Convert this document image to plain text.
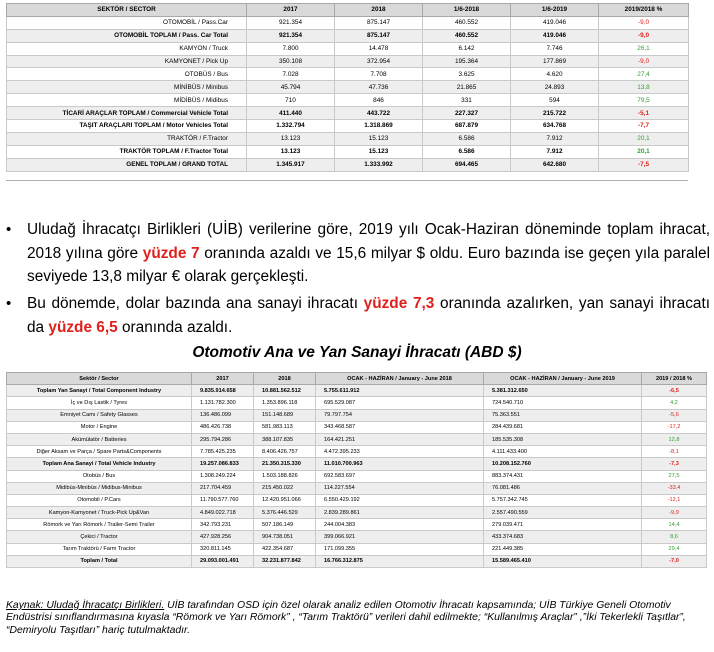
SEKTÖR / SECTOR	2017	2018	1/6-2018	1/6-2019	2019/2018 %
OTOMOBİL / Pass.Car	921.354	875.147	460.552	419.046	-9,0
OTOMOBİL TOPLAM / Pass. Car Total	921.354	875.147	460.552	419.046	-9,0
KAMYON / Truck	7.800	14.478	6.142	7.746	26,1
KAMYONET / Pick Up	350.108	372.954	195.364	177.869	-9,0
OTOBÜS / Bus	7.028	7.708	3.625	4.620	27,4
MİNİBÜS / Minibus	45.794	47.736	21.865	24.893	13,8
MİDİBÜS / Midibus	710	846	331	594	79,5
TİCARİ ARAÇLAR TOPLAM / Commercial Vehicle Total	411.440	443.722	227.327	215.722	-5,1
TAŞIT ARAÇLARI TOPLAM / Motor Vehicles Total	1.332.794	1.318.869	687.879	634.768	-7,7
TRAKTÖR / F.Tractor	13.123	15.123	6.586	7.912	20,1
TRAKTÖR TOPLAM / F.Tractor Total	13.123	15.123	6.586	7.912	20,1
GENEL TOPLAM / GRAND TOTAL	1.345.917	1.333.992	694.465	642.680	-7,5
• Uludağ İhracatçı Birlikleri (UİB) verilerine göre, 2019 yılı Ocak-Haziran döneminde toplam ihracat, 2018 yılına göre yüzde 7 oranında azaldı ve 15,6 milyar $ oldu. Euro bazında ise geçen yıla paralel seviyede 13,8 milyar € olarak gerçekleşti.

• Bu dönemde, dolar bazında ana sanayi ihracatı yüzde 7,3 oranında azalırken, yan sanayi ihracatı da yüzde 6,5 oranında azaldı.

Otomotiv Ana ve Yan Sanayi İhracatı (ABD $)
Sektör / Sector	2017	2018	OCAK - HAZİRAN / January - June 2018	OCAK - HAZİRAN / January - June 2019	2019 / 2018 %
Toplam Yan Sanayi / Total Component Industry	9.835.914.658	10.881.562.512	5.755.611.912	5.381.312.650	-6,5
İç ve Dış Lastik / Tyres	1.131.782.300	1.353.896.118	695.529.087	724.540.710	4,2
Emniyet Camı / Safety Glasses	136.486.099	151.148.689	79.797.754	75.363.551	-5,6
Motor / Engine	486.426.738	581.983.113	343.468.587	284.439.681	-17,2
Akümülatör / Batteries	295.794.286	388.107.835	164.421.251	185.535.308	12,8
Diğer Aksam ve Parça / Spare Parts&Components	7.785.425.235	8.406.426.757	4.472.395.233	4.111.433.400	-8,1
Toplam Ana Sanayi / Total Vehicle Industry	19.257.086.833	21.350.315.330	11.010.700.963	10.208.152.760	-7,3
Otobüs / Bus	1.308.249.224	1.503.188.826	692.583.697	883.374.431	27,5
Midibüs-Minibüs / Midibus-Minibus	217.704.459	215.450.022	114.227.554	76.081.486	-33,4
Otomobil / P.Cars	11.790.577.760	12.420.951.066	6.550.429.192	5.757.342.745	-12,1
Kamyon-Kamyonet / Truck-Pick Up&Van	4.849.022.718	5.376.446.529	2.839.289.861	2.557.490.559	-9,9
Römork ve Yarı Römork / Trailer-Semi Trailer	342.793.231	507.186.149	244.004.383	279.039.471	14,4
Çekici / Tractor	427.928.256	904.738.051	399.066.921	433.374.683	8,6
Tarım Traktörü / Farm Tractor	320.811.145	422.354.687	171.099.355	221.449.385	29,4
Toplam / Total	29.093.001.491	32.231.877.842	16.766.312.875	15.589.465.410	-7,0
Kaynak: Uludağ İhracatçı Birlikleri. UİB tarafından OSD için özel olarak analiz edilen Otomotiv İhracatı kapsamında; UİB Türkiye Geneli Otomotiv Endüstrisi sınıflandırmasına kıyasla “Römork ve Yarı Römork” , “Tarım Traktörü” verileri dahil edilmekte; “Kullanılmış Araçlar” ,”İki Tekerlekli Taşıtlar”, “Demiryolu Taşıtları” hariç tutulmaktadır.
